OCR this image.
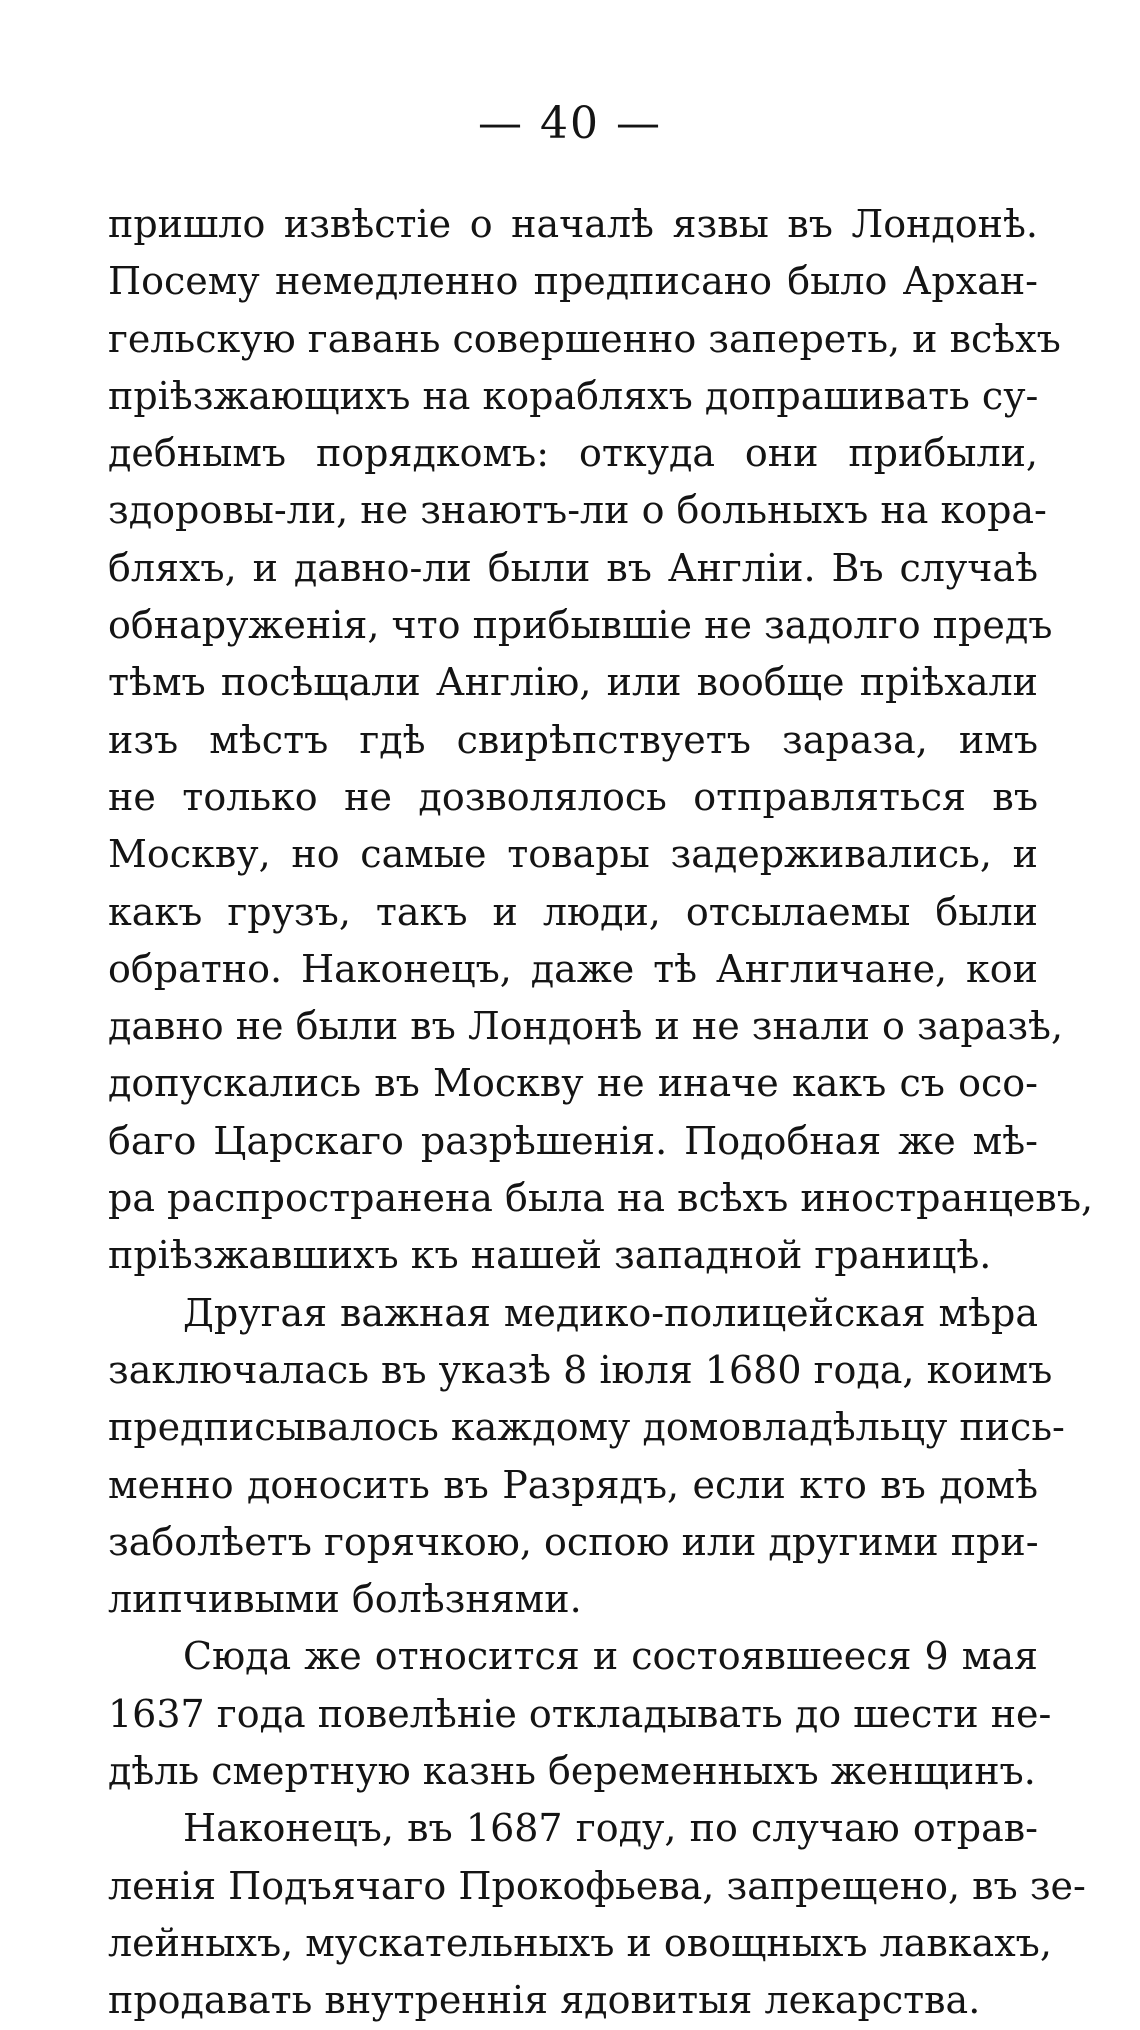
— 40 —
пришло извѣстіе о началѣ язвы въ Лондонѣ.
Посему немедленно предписано было Архан-
гельскую гавань совершенно запереть, и всѣхъ
пріѣзжающихъ на корабляхъ допрашивать су-
дебнымъ порядкомъ: откуда они прибыли,
здоровы-ли, не знаютъ-ли о больныхъ на кора-
бляхъ, и давно-ли были въ Англіи. Въ случаѣ
обнаруженія, что прибывшіе не задолго предъ
тѣмъ посѣщали Англію, или вообще пріѣхали
изъ мѣстъ гдѣ свирѣпствуетъ зараза, имъ
не только не дозволялось отправляться въ
Москву, но самые товары задерживались, и
какъ грузъ, такъ и люди, отсылаемы были
обратно. Наконецъ, даже тѣ Англичане, кои
давно не были въ Лондонѣ и не знали о заразѣ,
допускались въ Москву не иначе какъ съ осо-
баго Царскаго разрѣшенія. Подобная же мѣ-
ра распространена была на всѣхъ иностранцевъ,
пріѣзжавшихъ къ нашей западной границѣ.
Другая важная медико-полицейская мѣра
заключалась въ указѣ 8 іюля 1680 года, коимъ
предписывалось каждому домовладѣльцу пись-
менно доносить въ Разрядъ, если кто въ домѣ
заболѣетъ горячкою, оспою или другими при-
липчивыми болѣзнями.
Сюда же относится и состоявшееся 9 мая
1637 года повелѣніе откладывать до шести не-
дѣль смертную казнь беременныхъ женщинъ.
Наконецъ, въ 1687 году, по случаю отрав-
ленія Подъячаго Прокофьева, запрещено, въ зе-
лейныхъ, мускательныхъ и овощныхъ лавкахъ,
продавать внутреннія ядовитыя лекарства.
